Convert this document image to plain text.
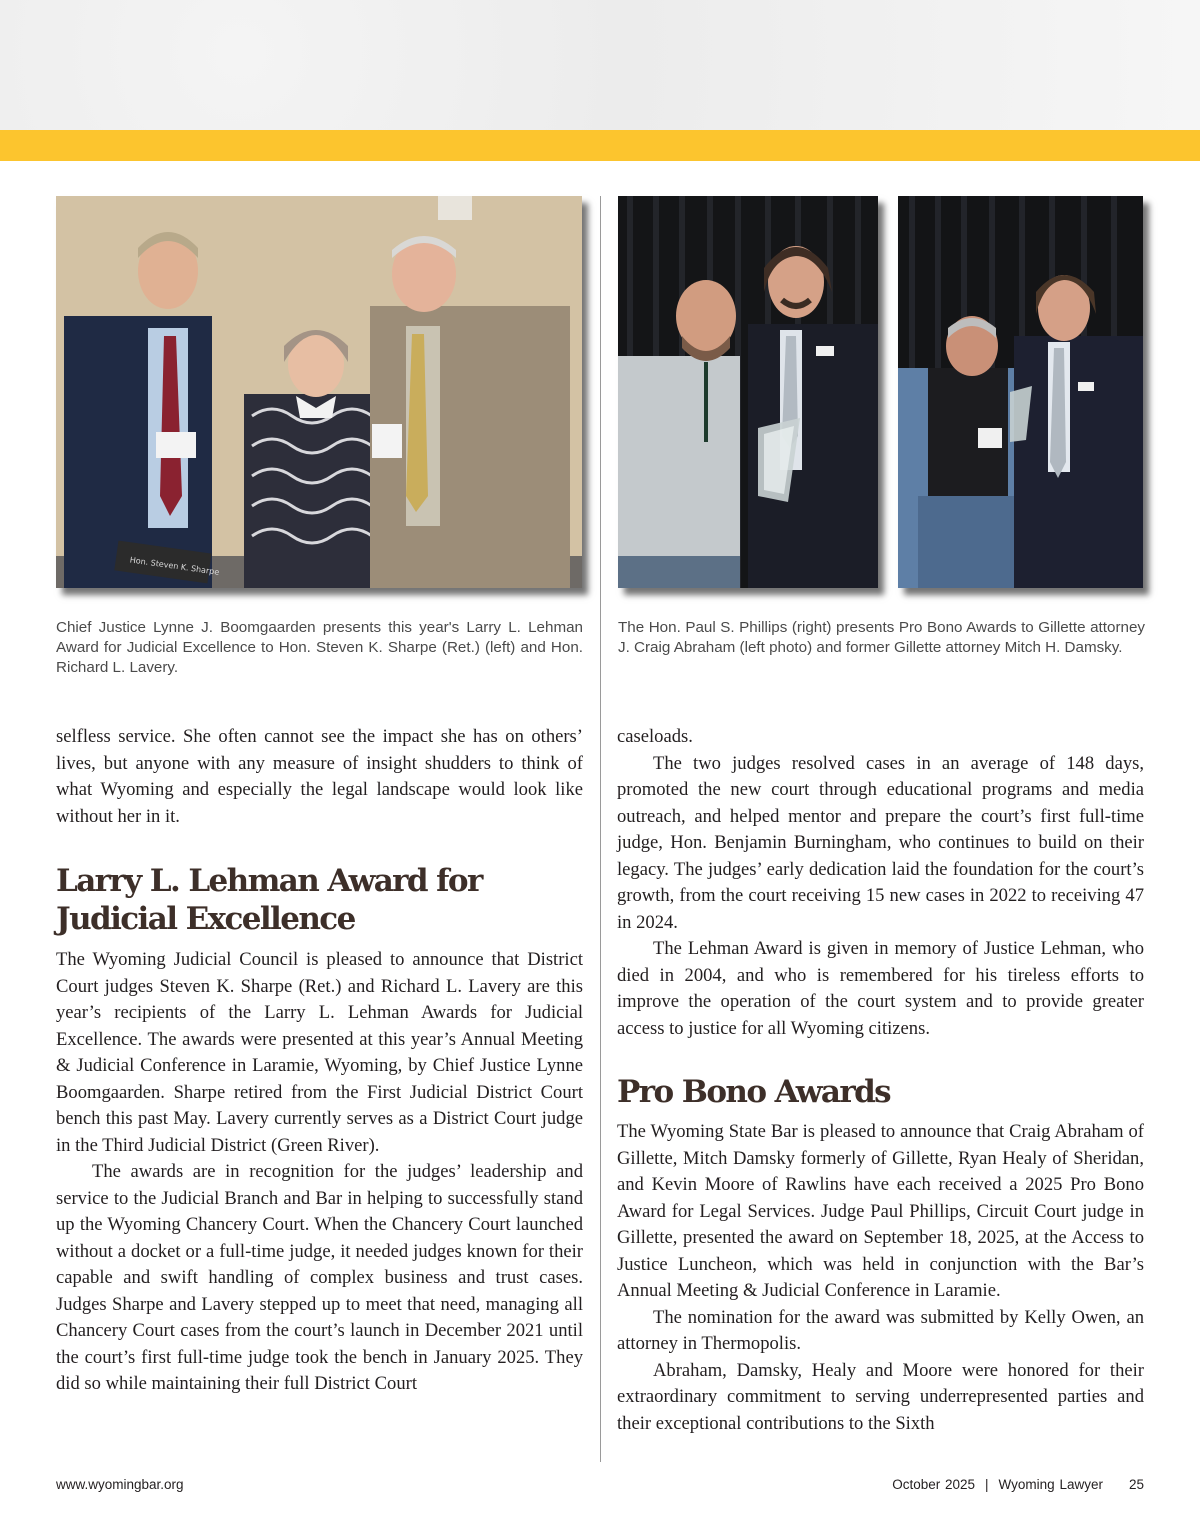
Hon. Steven K. Sharpe

Chief Justice Lynne J. Boomgaarden presents this year's Larry L. Lehman Award for Judicial Excellence to Hon. Steven K. Sharpe (Ret.) (left) and Hon. Richard L. Lavery.

The Hon. Paul S. Phillips (right) presents Pro Bono Awards to Gillette attorney J. Craig Abraham (left photo) and former Gillette attorney Mitch H. Damsky.

selfless service. She often cannot see the impact she has on others’ lives, but anyone with any measure of insight shudders to think of what Wyoming and especially the legal landscape would look like without her in it.

Larry L. Lehman Award for
Judicial Excellence

The Wyoming Judicial Council is pleased to announce that District Court judges Steven K. Sharpe (Ret.) and Richard L. Lavery are this year’s recipients of the Larry L. Lehman Awards for Judicial Excellence. The awards were presented at this year’s Annual Meeting & Judicial Conference in Laramie, Wyoming, by Chief Justice Lynne Boomgaarden. Sharpe retired from the First Judicial District Court bench this past May. Lavery currently serves as a District Court judge in the Third Judicial District (Green River).

The awards are in recognition for the judges’ leadership and service to the Judicial Branch and Bar in helping to successfully stand up the Wyoming Chancery Court. When the Chancery Court launched without a docket or a full-time judge, it needed judges known for their capable and swift handling of complex business and trust cases. Judges Sharpe and Lavery stepped up to meet that need, managing all Chancery Court cases from the court’s launch in December 2021 until the court’s first full-time judge took the bench in January 2025. They did so while maintaining their full District Court

caseloads.

The two judges resolved cases in an average of 148 days, promoted the new court through educational programs and media outreach, and helped mentor and prepare the court’s first full-time judge, Hon. Benjamin Burningham, who continues to build on their legacy. The judges’ early dedication laid the foundation for the court’s growth, from the court receiving 15 new cases in 2022 to receiving 47 in 2024.

The Lehman Award is given in memory of Justice Lehman, who died in 2004, and who is remembered for his tireless efforts to improve the operation of the court system and to provide greater access to justice for all Wyoming citizens.

Pro Bono Awards

The Wyoming State Bar is pleased to announce that Craig Abraham of Gillette, Mitch Damsky formerly of Gillette, Ryan Healy of Sheridan, and Kevin Moore of Rawlins have each received a 2025 Pro Bono Award for Legal Services. Judge Paul Phillips, Circuit Court judge in Gillette, presented the award on September 18, 2025, at the Access to Justice Luncheon, which was held in conjunction with the Bar’s Annual Meeting & Judicial Conference in Laramie.

The nomination for the award was submitted by Kelly Owen, an attorney in Thermopolis.

Abraham, Damsky, Healy and Moore were honored for their extraordinary commitment to serving underrepresented parties and their exceptional contributions to the Sixth

www.wyomingbar.org	October 2025 | Wyoming Lawyer 25
